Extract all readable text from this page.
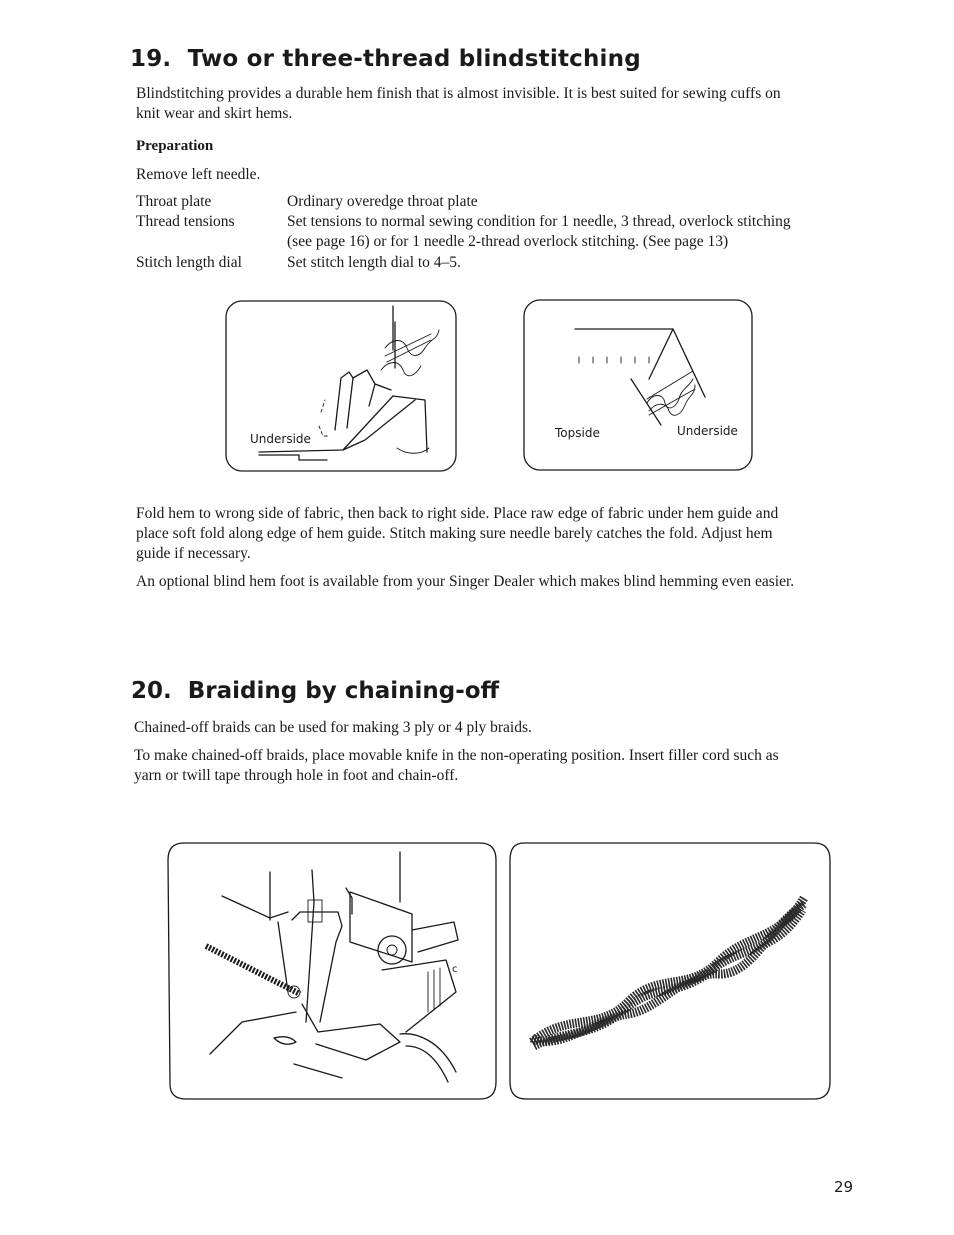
19. Two or three-thread blindstitching

Blindstitching provides a durable hem finish that is almost invisible. It is best suited for sewing cuffs on
knit wear and skirt hems.

Preparation
Remove left needle.
Throat plate	Ordinary overedge throat plate
Thread tensions	Set tensions to normal sewing condition for 1 needle, 3 thread, overlock stitching
(see page 16) or for 1 needle 2-thread overlock stitching. (See page 13)
Stitch length dial	Set stitch length dial to 4–5.
Underside	Topside	Underside

Fold hem to wrong side of fabric, then back to right side. Place raw edge of fabric under hem guide and
place soft fold along edge of hem guide. Stitch making sure needle barely catches the fold. Adjust hem
guide if necessary.

An optional blind hem foot is available from your Singer Dealer which makes blind hemming even easier.

20. Braiding by chaining-off

Chained-off braids can be used for making 3 ply or 4 ply braids.

To make chained-off braids, place movable knife in the non-operating position. Insert filler cord such as
yarn or twill tape through hole in foot and chain-off.

c
29
